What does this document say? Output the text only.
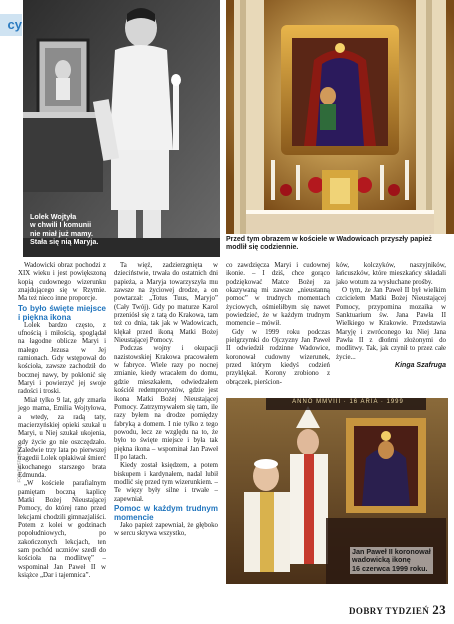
cy
Lolek Wojtyła
w chwili I komunii
nie miał już mamy.
Stała się nią Maryja.	Przed tym obrazem w kościele w Wadowicach przyszły papież modlił się codziennie.
FOT. EAST NEWS

Wadowicki obraz pochodzi z XIX wieku i jest powiększoną kopią cudownego wizerunku znajdującego się w Rzymie. Ma też nieco inne proporcje.

To było święte miejsce i piękna ikona

Lolek bardzo często, z ufnością i miłością, spoglądał na łagodne oblicze Maryi i małego Jezusa w Jej ramionach. Gdy wstępował do kościoła, zawsze zachodził do bocznej nawy, by pokłonić się Maryi i powierzyć jej swoje radości i troski.

Miał tylko 9 lat, gdy zmarła jego mama, Emilia Wojtyłowa, a wtedy, za radą taty, macierzyńskiej opieki szukał u Maryi, u Niej szukał ukojenia, gdy życie go nie oszczędzało. Zaledwie trzy lata po pierwszej tragedii Lolek opłakiwał śmierć ukochanego starszego brata Edmunda.

„W kościele parafialnym pamiętam boczną kaplicę Matki Bożej Nieustającej Pomocy, do której rano przed lekcjami chodzili gimnazjaliści. Potem z kolei w godzinach popołudniowych, po zakończonych lekcjach, ten sam pochód uczniów szedł do kościoła na modlitwę” – wspominał Jan Paweł II w książce „Dar i tajemnica”.

Ta więź, zadzierzgnięta w dzieciństwie, trwała do ostatnich dni papieża, a Maryja towarzyszyła mu zawsze na życiowej drodze, a on powtarzał: „Totus Tuus, Maryjo” (Cały Twój). Gdy po maturze Karol przeniósł się z tatą do Krakowa, tam też co dnia, tak jak w Wadowicach, klękał przed ikoną Matki Bożej Nieustającej Pomocy.

Podczas wojny i okupacji nazistowskiej Krakowa pracowałem w fabryce. Wiele razy po nocnej zmianie, kiedy wracałem do domu, gdzie mieszkałem, odwiedzałem kościół redemptorystów, gdzie jest ikona Matki Bożej Nieustającej Pomocy. Zatrzymywałem się tam, ile razy byłem na drodze pomiędzy fabryką a domem. I nie tylko z tego powodu, lecz ze względu na to, że było to święte miejsce i była tak piękna ikona – wspominał Jan Paweł II po latach.

Kiedy został księdzem, a potem biskupem i kardynałem, nadal lubił modlić się przed tym wizerunkiem. – Te więzy były silne i trwałe – zapewniał.

Pomoc w każdym trudnym momencie

Jako papież zapewniał, że głęboko w sercu skrywa wszystko,

co zawdzięcza Maryi i cudownej ikonie. – I dziś, chce gorąco podziękować Matce Bożej za okazywaną mi zawsze „nieustanną pomoc” w trudnych momentach życiowych, ośmieliłbym się nawet powiedzieć, że w każdym trudnym momencie – mówił.

Gdy w 1999 roku podczas pielgrzymki do Ojczyzny Jan Paweł II odwiedził rodzinne Wadowice, koronował cudowny wizerunek, przed którym kiedyś codzień przyklękał. Korony zrobiono z obrączek, pierścion-

ków, kolczyków, naszyjników, łańcuszków, które mieszkańcy składali jako wotum za wysłuchane prośby.

O tym, że Jan Paweł II był wielkim czcicielem Matki Bożej Nieustającej Pomocy, przypomina mozaika w Sanktuarium św. Jana Pawła II Wielkiego w Krakowie. Przedstawia Maryję i zwróconego ku Niej Jana Pawła II z dłońmi złożonymi do modlitwy. Tak, jak czynił to przez całe życie...

Kinga Szafruga
ANNO MMVIII · 16 ARIA · 1999
Jan Paweł II koronował
wadowicką ikonę
16 czerwca 1999 roku.
DOBRY TYDZIEŃ 23
